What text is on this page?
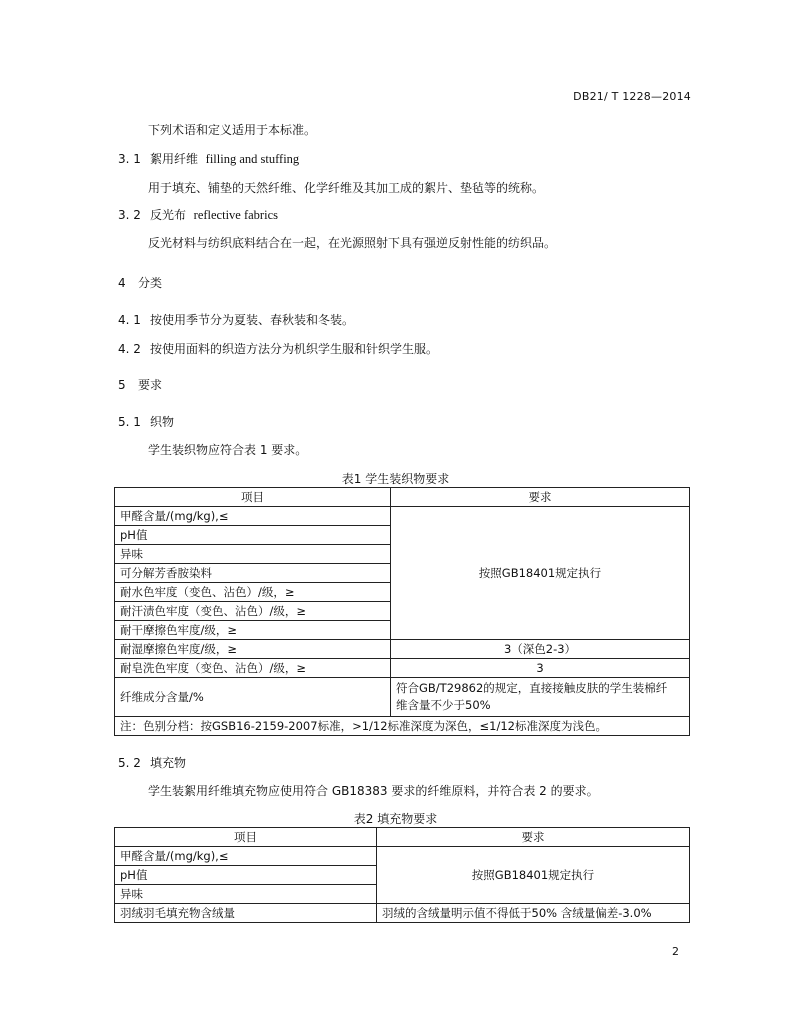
DB21/ T 1228—2014
下列术语和定义适用于本标准。
3. 1 絮用纤维 filling and stuffing
用于填充、铺垫的天然纤维、化学纤维及其加工成的絮片、垫毡等的统称。
3. 2 反光布 reflective fabrics
反光材料与纺织底料结合在一起，在光源照射下具有强逆反射性能的纺织品。
4 分类
4. 1 按使用季节分为夏装、春秋装和冬装。
4. 2 按使用面料的织造方法分为机织学生服和针织学生服。
5 要求
5. 1 织物
学生装织物应符合表 1 要求。
表1 学生装织物要求
项目	要求
甲醛含量/(mg/kg),≤	按照GB18401规定执行
pH值	
异味	
可分解芳香胺染料	
耐水色牢度（变色、沾色）/级，≥	
耐汗渍色牢度（变色、沾色）/级，≥	
耐干摩擦色牢度/级，≥	
耐湿摩擦色牢度/级，≥	3（深色2-3）
耐皂洗色牢度（变色、沾色）/级，≥	3
纤维成分含量/%	符合GB/T29862的规定，直接接触皮肤的学生装棉纤
维含量不少于50%

注：色别分档：按GSB16-2159-2007标准，>1/12标准深度为深色，≤1/12标准深度为浅色。	
5. 2 填充物
学生装絮用纤维填充物应使用符合 GB18383 要求的纤维原料，并符合表 2 的要求。
表2 填充物要求
项目	要求
甲醛含量/(mg/kg),≤	按照GB18401规定执行
pH值	
异味	
羽绒羽毛填充物含绒量	羽绒的含绒量明示值不得低于50% 含绒量偏差-3.0%
2
